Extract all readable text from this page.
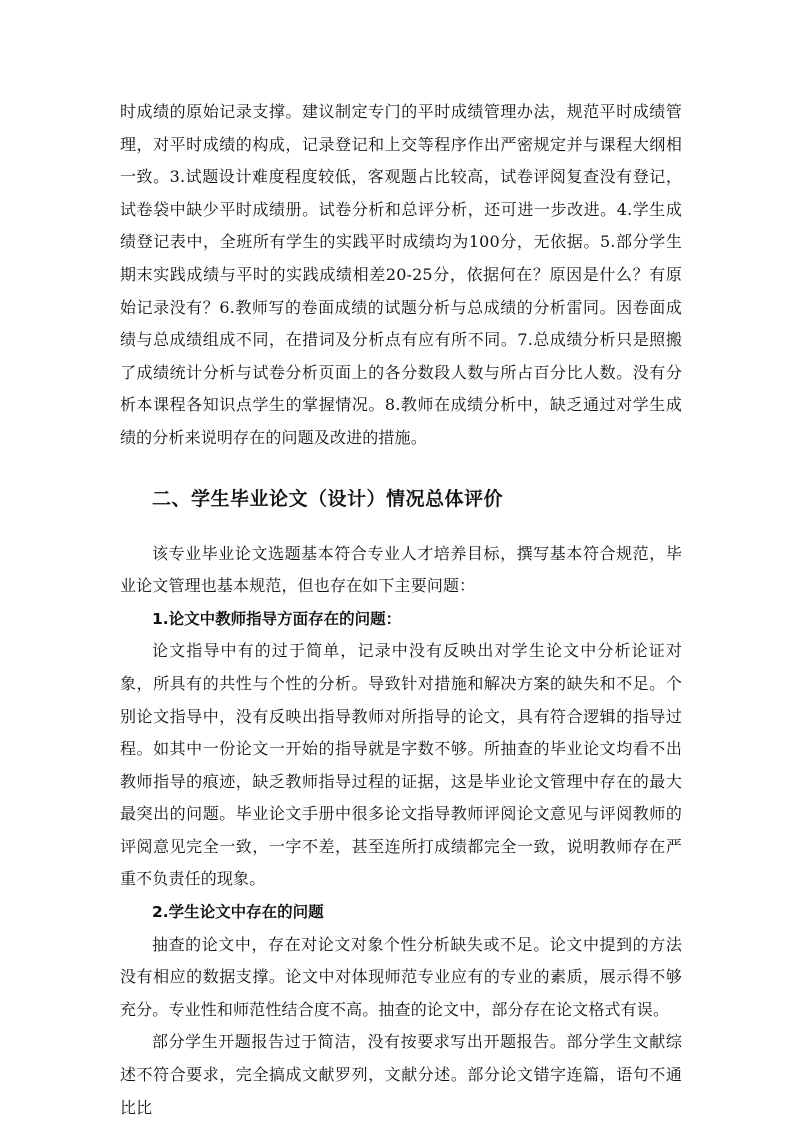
时成绩的原始记录支撑。建议制定专门的平时成绩管理办法，规范平时成绩管理，对平时成绩的构成，记录登记和上交等程序作出严密规定并与课程大纲相一致。3.试题设计难度程度较低，客观题占比较高，试卷评阅复查没有登记，试卷袋中缺少平时成绩册。试卷分析和总评分析，还可进一步改进。4.学生成绩登记表中，全班所有学生的实践平时成绩均为100分，无依据。5.部分学生期末实践成绩与平时的实践成绩相差20-25分，依据何在？原因是什么？有原始记录没有？6.教师写的卷面成绩的试题分析与总成绩的分析雷同。因卷面成绩与总成绩组成不同，在措词及分析点有应有所不同。7.总成绩分析只是照搬了成绩统计分析与试卷分析页面上的各分数段人数与所占百分比人数。没有分析本课程各知识点学生的掌握情况。8.教师在成绩分析中，缺乏通过对学生成绩的分析来说明存在的问题及改进的措施。

二、学生毕业论文（设计）情况总体评价

该专业毕业论文选题基本符合专业人才培养目标，撰写基本符合规范，毕业论文管理也基本规范，但也存在如下主要问题：

1.论文中教师指导方面存在的问题：

论文指导中有的过于简单，记录中没有反映出对学生论文中分析论证对象，所具有的共性与个性的分析。导致针对措施和解决方案的缺失和不足。个别论文指导中，没有反映出指导教师对所指导的论文，具有符合逻辑的指导过程。如其中一份论文一开始的指导就是字数不够。所抽查的毕业论文均看不出教师指导的痕迹，缺乏教师指导过程的证据，这是毕业论文管理中存在的最大最突出的问题。毕业论文手册中很多论文指导教师评阅论文意见与评阅教师的评阅意见完全一致，一字不差，甚至连所打成绩都完全一致，说明教师存在严重不负责任的现象。

2.学生论文中存在的问题

抽查的论文中，存在对论文对象个性分析缺失或不足。论文中提到的方法没有相应的数据支撑。论文中对体现师范专业应有的专业的素质，展示得不够充分。专业性和师范性结合度不高。抽查的论文中，部分存在论文格式有误。

部分学生开题报告过于简洁，没有按要求写出开题报告。部分学生文献综述不符合要求，完全搞成文献罗列，文献分述。部分论文错字连篇，语句不通比比
